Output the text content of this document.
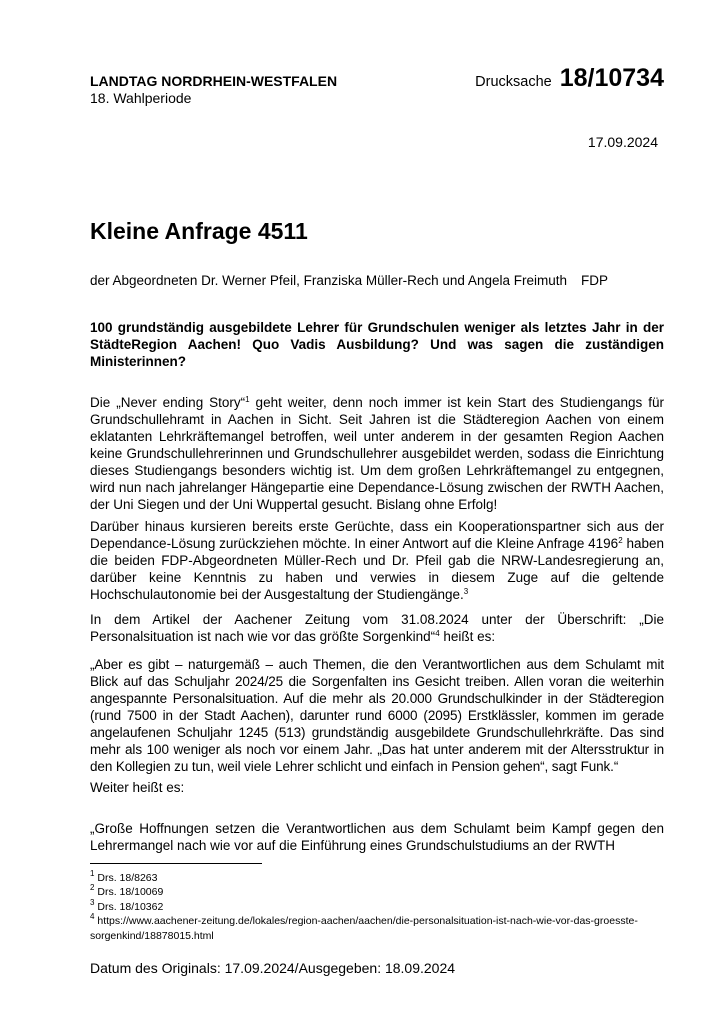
LANDTAG NORDRHEIN-WESTFALEN
18. Wahlperiode
Drucksache 18/10734
17.09.2024
Kleine Anfrage 4511
der Abgeordneten Dr. Werner Pfeil, Franziska Müller-Rech und Angela Freimuth FDP
100 grundständig ausgebildete Lehrer für Grundschulen weniger als letztes Jahr in der StädteRegion Aachen! Quo Vadis Ausbildung? Und was sagen die zuständigen Ministerinnen?

Die „Never ending Story“$^1$ geht weiter, denn noch immer ist kein Start des Studiengangs für Grundschullehramt in Aachen in Sicht. Seit Jahren ist die Städteregion Aachen von einem eklatanten Lehrkräftemangel betroffen, weil unter anderem in der gesamten Region Aachen keine Grundschullehrerinnen und Grundschullehrer ausgebildet werden, sodass die Einrichtung dieses Studiengangs besonders wichtig ist. Um dem großen Lehrkräftemangel zu entgegnen, wird nun nach jahrelanger Hängepartie eine Dependance-Lösung zwischen der RWTH Aachen, der Uni Siegen und der Uni Wuppertal gesucht. Bislang ohne Erfolg!

Darüber hinaus kursieren bereits erste Gerüchte, dass ein Kooperationspartner sich aus der Dependance-Lösung zurückziehen möchte. In einer Antwort auf die Kleine Anfrage 4196$^2$ haben die beiden FDP-Abgeordneten Müller-Rech und Dr. Pfeil gab die NRW-Landesregierung an, darüber keine Kenntnis zu haben und verwies in diesem Zuge auf die geltende Hochschulautonomie bei der Ausgestaltung der Studiengänge.$^3$

In dem Artikel der Aachener Zeitung vom 31.08.2024 unter der Überschrift: „Die Personalsituation ist nach wie vor das größte Sorgenkind“$^4$ heißt es:

„Aber es gibt – naturgemäß – auch Themen, die den Verantwortlichen aus dem Schulamt mit Blick auf das Schuljahr 2024/25 die Sorgenfalten ins Gesicht treiben. Allen voran die weiterhin angespannte Personalsituation. Auf die mehr als 20.000 Grundschulkinder in der Städteregion (rund 7500 in der Stadt Aachen), darunter rund 6000 (2095) Erstklässler, kommen im gerade angelaufenen Schuljahr 1245 (513) grundständig ausgebildete Grundschullehrkräfte. Das sind mehr als 100 weniger als noch vor einem Jahr. „Das hat unter anderem mit der Altersstruktur in den Kollegien zu tun, weil viele Lehrer schlicht und einfach in Pension gehen“, sagt Funk.“
Weiter heißt es:
„Große Hoffnungen setzen die Verantwortlichen aus dem Schulamt beim Kampf gegen den Lehrermangel nach wie vor auf die Einführung eines Grundschulstudiums an der RWTH
$^1$ Drs. 18/8263
$^2$ Drs. 18/10069
$^3$ Drs. 18/10362
$^4$ https://www.aachener-zeitung.de/lokales/region-aachen/aachen/die-personalsituation-ist-nach-wie-vor-das-groesste-sorgenkind/18878015.html
Datum des Originals: 17.09.2024/Ausgegeben: 18.09.2024
